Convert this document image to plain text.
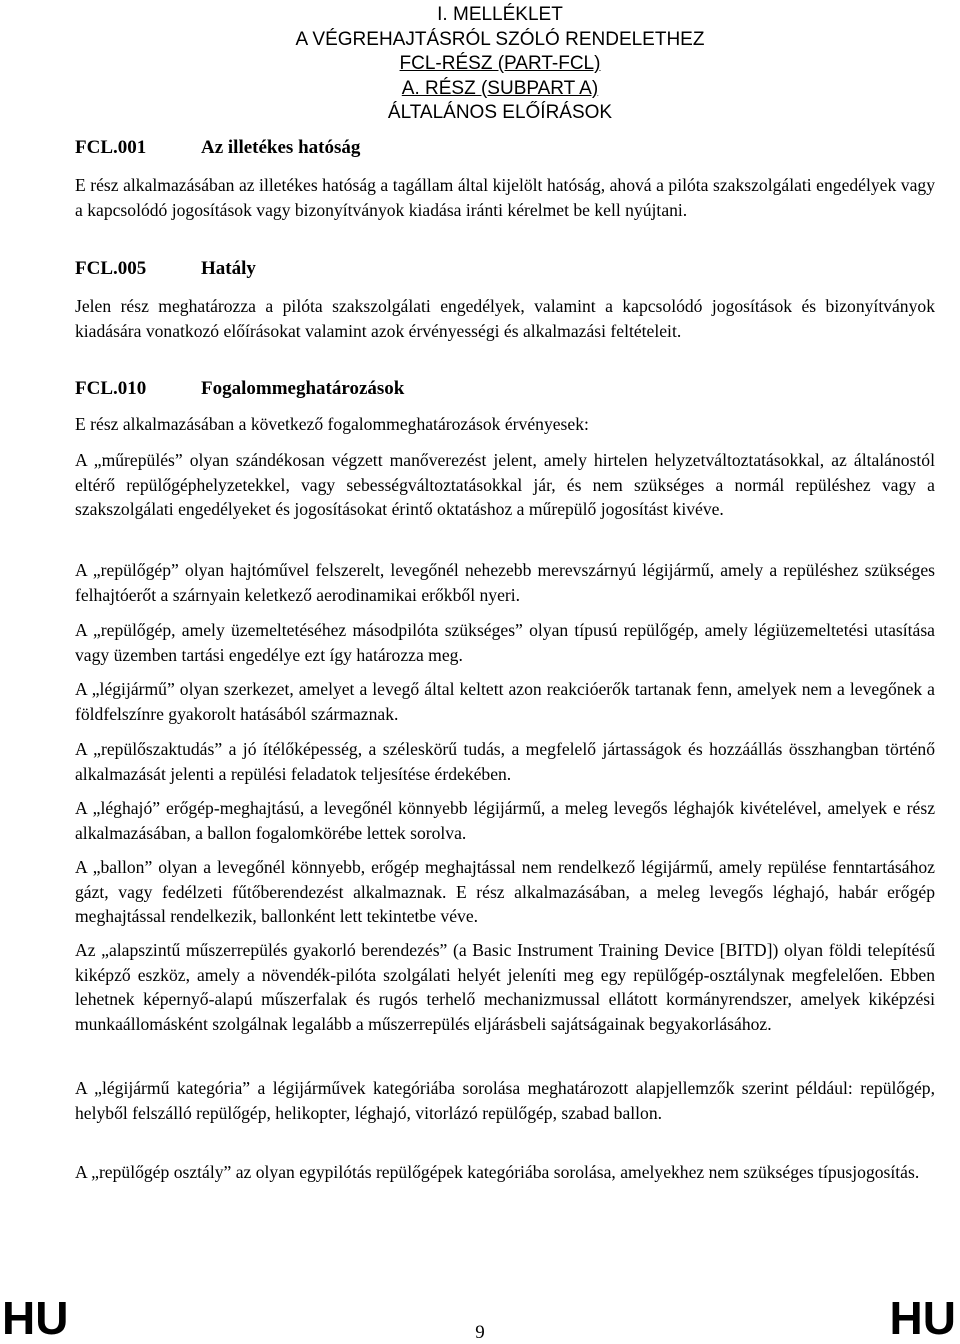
I. MELLÉKLET
A VÉGREHAJTÁSRÓL SZÓLÓ RENDELETHEZ
FCL-RÉSZ (PART-FCL)
A. RÉSZ (SUBPART A)
ÁLTALÁNOS ELŐÍRÁSOK
FCL.001	Az illetékes hatóság
E rész alkalmazásában az illetékes hatóság a tagállam által kijelölt hatóság, ahová a pilóta szakszolgálati engedélyek vagy a kapcsolódó jogosítások vagy bizonyítványok kiadása iránti kérelmet be kell nyújtani.
FCL.005	Hatály
Jelen rész meghatározza a pilóta szakszolgálati engedélyek, valamint a kapcsolódó jogosítások és bizonyítványok kiadására vonatkozó előírásokat valamint azok érvényességi és alkalmazási feltételeit.
FCL.010	Fogalommeghatározások
E rész alkalmazásában a következő fogalommeghatározások érvényesek:
A „műrepülés” olyan szándékosan végzett manőverezést jelent, amely hirtelen helyzetváltoztatásokkal, az általánostól eltérő repülőgéphelyzetekkel, vagy sebességváltoztatásokkal jár, és nem szükséges a normál repüléshez vagy a szakszolgálati engedélyeket és jogosításokat érintő oktatáshoz a műrepülő jogosítást kivéve.
A „repülőgép” olyan hajtóművel felszerelt, levegőnél nehezebb merevszárnyú légijármű, amely a repüléshez szükséges felhajtóerőt a szárnyain keletkező aerodinamikai erőkből nyeri.
A „repülőgép, amely üzemeltetéséhez másodpilóta szükséges” olyan típusú repülőgép, amely légiüzemeltetési utasítása vagy üzemben tartási engedélye ezt így határozza meg.
A „légijármű” olyan szerkezet, amelyet a levegő által keltett azon reakcióerők tartanak fenn, amelyek nem a levegőnek a földfelszínre gyakorolt hatásából származnak.
A „repülőszaktudás” a jó ítélőképesség, a széleskörű tudás, a megfelelő jártasságok és hozzáállás összhangban történő alkalmazását jelenti a repülési feladatok teljesítése érdekében.
A „léghajó” erőgép-meghajtású, a levegőnél könnyebb légijármű, a meleg levegős léghajók kivételével, amelyek e rész alkalmazásában, a ballon fogalomkörébe lettek sorolva.
A „ballon” olyan a levegőnél könnyebb, erőgép meghajtással nem rendelkező légijármű, amely repülése fenntartásához gázt, vagy fedélzeti fűtőberendezést alkalmaznak. E rész alkalmazásában, a meleg levegős léghajó, habár erőgép meghajtással rendelkezik, ballonként lett tekintetbe véve.
Az „alapszintű műszerrepülés gyakorló berendezés” (a Basic Instrument Training Device [BITD]) olyan földi telepítésű kiképző eszköz, amely a növendék-pilóta szolgálati helyét jeleníti meg egy repülőgép-osztálynak megfelelően. Ebben lehetnek képernyő-alapú műszerfalak és rugós terhelő mechanizmussal ellátott kormányrendszer, amelyek kiképzési munkaállomásként szolgálnak legalább a műszerrepülés eljárásbeli sajátságainak begyakorlásához.
A „légijármű kategória” a légijárművek kategóriába sorolása meghatározott alapjellemzők szerint például: repülőgép, helyből felszálló repülőgép, helikopter, léghajó, vitorlázó repülőgép, szabad ballon.
A „repülőgép osztály” az olyan egypilótás repülőgépek kategóriába sorolása, amelyekhez nem szükséges típusjogosítás.
HU	9	HU
